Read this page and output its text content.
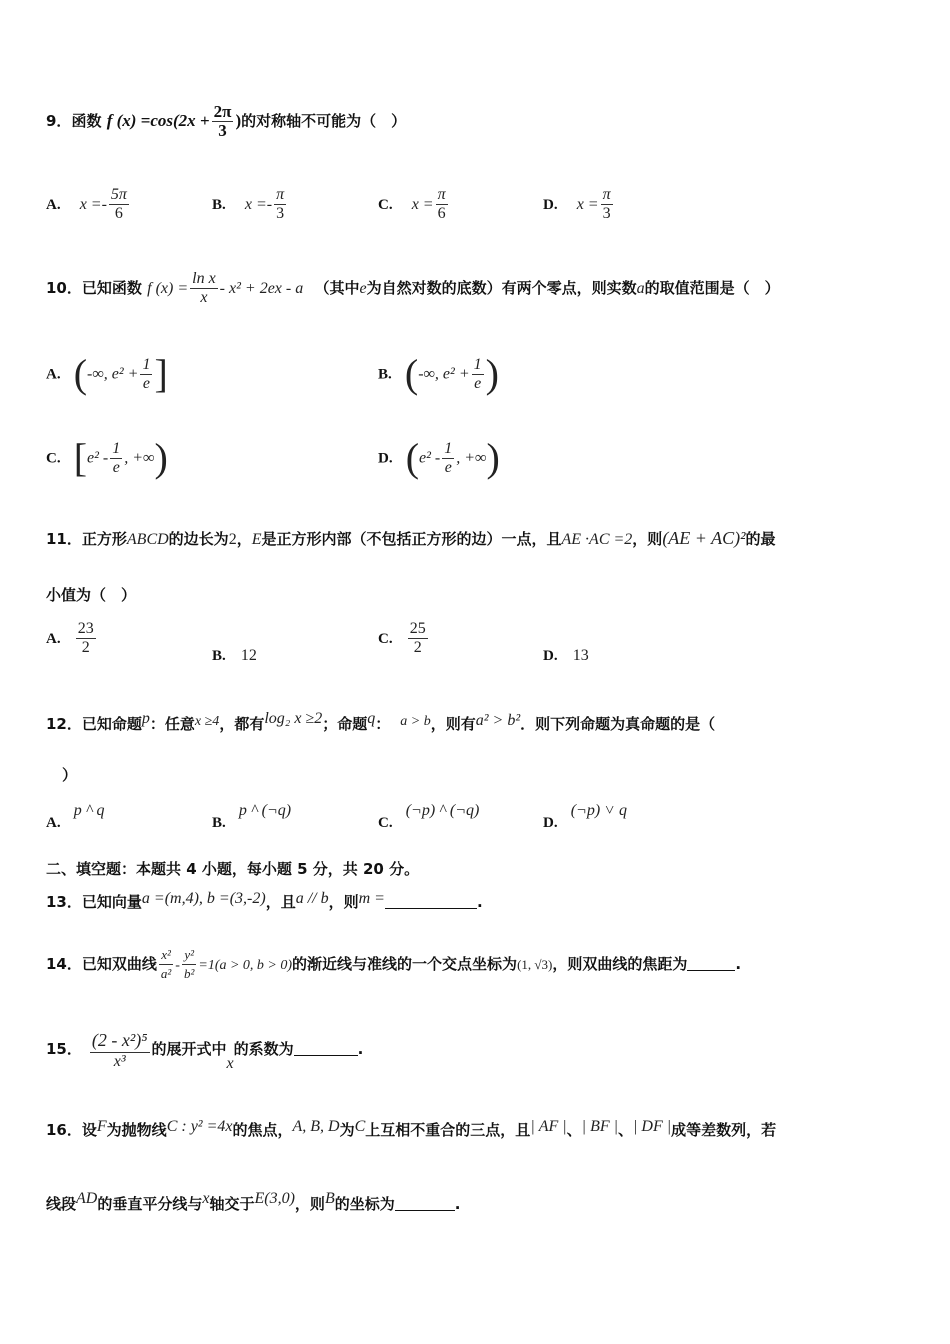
9．函数 f $(x) =\cos(2x + \frac{2\pi}{3}$ )的对称轴不可能为（　）
A. $x =- \frac{5\pi}{6}$	B. $x =- \frac{\pi}{3}$	C. $x = \frac{\pi}{6}$	D. $x = \frac{\pi}{3}$
10．已知函数 f $(x) = \frac{\text{ln x}}{x} - x^2 + 2ex - a$ （其中e为自然对数的底数）有两个零点，则实数a的取值范围是（　）
A. (-∞, $e^2 + \frac{1}{e}$ ]	B. (-∞, $e^2 + \frac{1}{e}$ )
C. [$e^2 - \frac{1}{e}$ , +∞)	D. ($e^2 - \frac{1}{e}$ , +∞)
11．正方形ABCD的边长为2，E是正方形内部（不包括正方形的边）一点，且AE ·AC =2，则(AE + AC)²的最
小值为（　）
A. $\frac{23}{2}$	B. 12
C. $\frac{25}{2}$	D. 13
12．已知命题p：任意x ≥4，都有log₂ x ≥2；命题q： a > b，则有a² > b²．则下列命题为真命题的是（
）
A. p ^ q
B. p ^ (¬q)
C. (¬p) ^ (¬q)
D. (¬p) ˅ q
二、填空题：本题共 4 小题，每小题 5 分，共 20 分。
13．已知向量a =(m,4), b =(3,-2)，且a // b，则m =	.
14．已知双曲线 $\frac{\text{x²}}{\text{a²}} - \frac{\text{y²}}{\text{b²}} =1(a > 0$, b > 0)的渐近线与准线的一个交点坐标为(1, √3)，则双曲线的焦距为	.
15． $\frac{\text{(2 - x²)⁵}}{\text{x³}}$ 的展开式中x的系数为	.
16．设F为抛物线C : y² =4x的焦点，A, B, D为C上互相不重合的三点，且| AF |、| BF |、| DF |成等差数列，若
线段AD的垂直平分线与x轴交于E(3,0)，则B的坐标为	.
